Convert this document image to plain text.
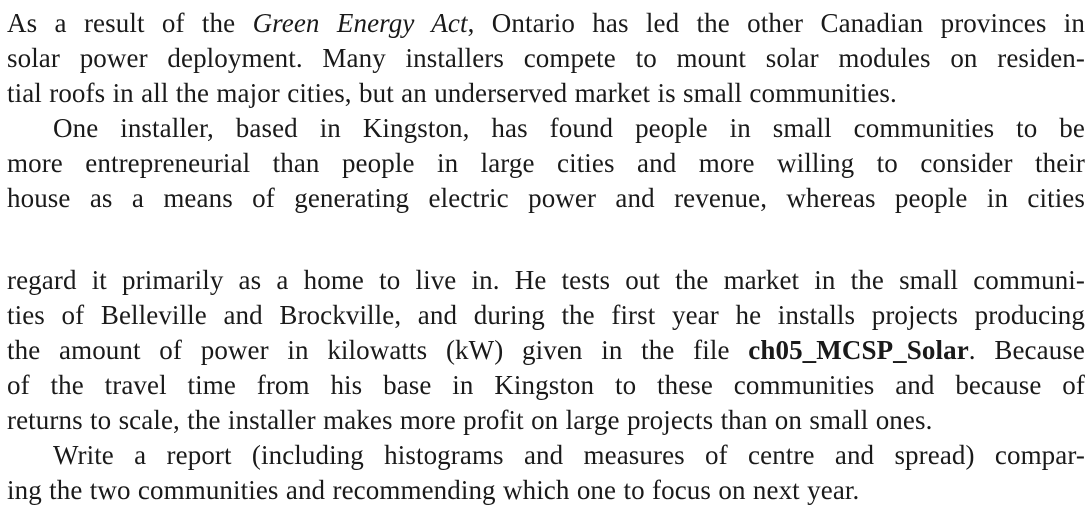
As a result of the Green Energy Act, Ontario has led the other Canadian provinces in
solar power deployment. Many installers compete to mount solar modules on residen-
tial roofs in all the major cities, but an underserved market is small communities.
One installer, based in Kingston, has found people in small communities to be
more entrepreneurial than people in large cities and more willing to consider their
house as a means of generating electric power and revenue, whereas people in cities
regard it primarily as a home to live in. He tests out the market in the small communi-
ties of Belleville and Brockville, and during the first year he installs projects producing
the amount of power in kilowatts (kW) given in the file ch05_MCSP_Solar. Because
of the travel time from his base in Kingston to these communities and because of
returns to scale, the installer makes more profit on large projects than on small ones.
Write a report (including histograms and measures of centre and spread) compar-
ing the two communities and recommending which one to focus on next year.
